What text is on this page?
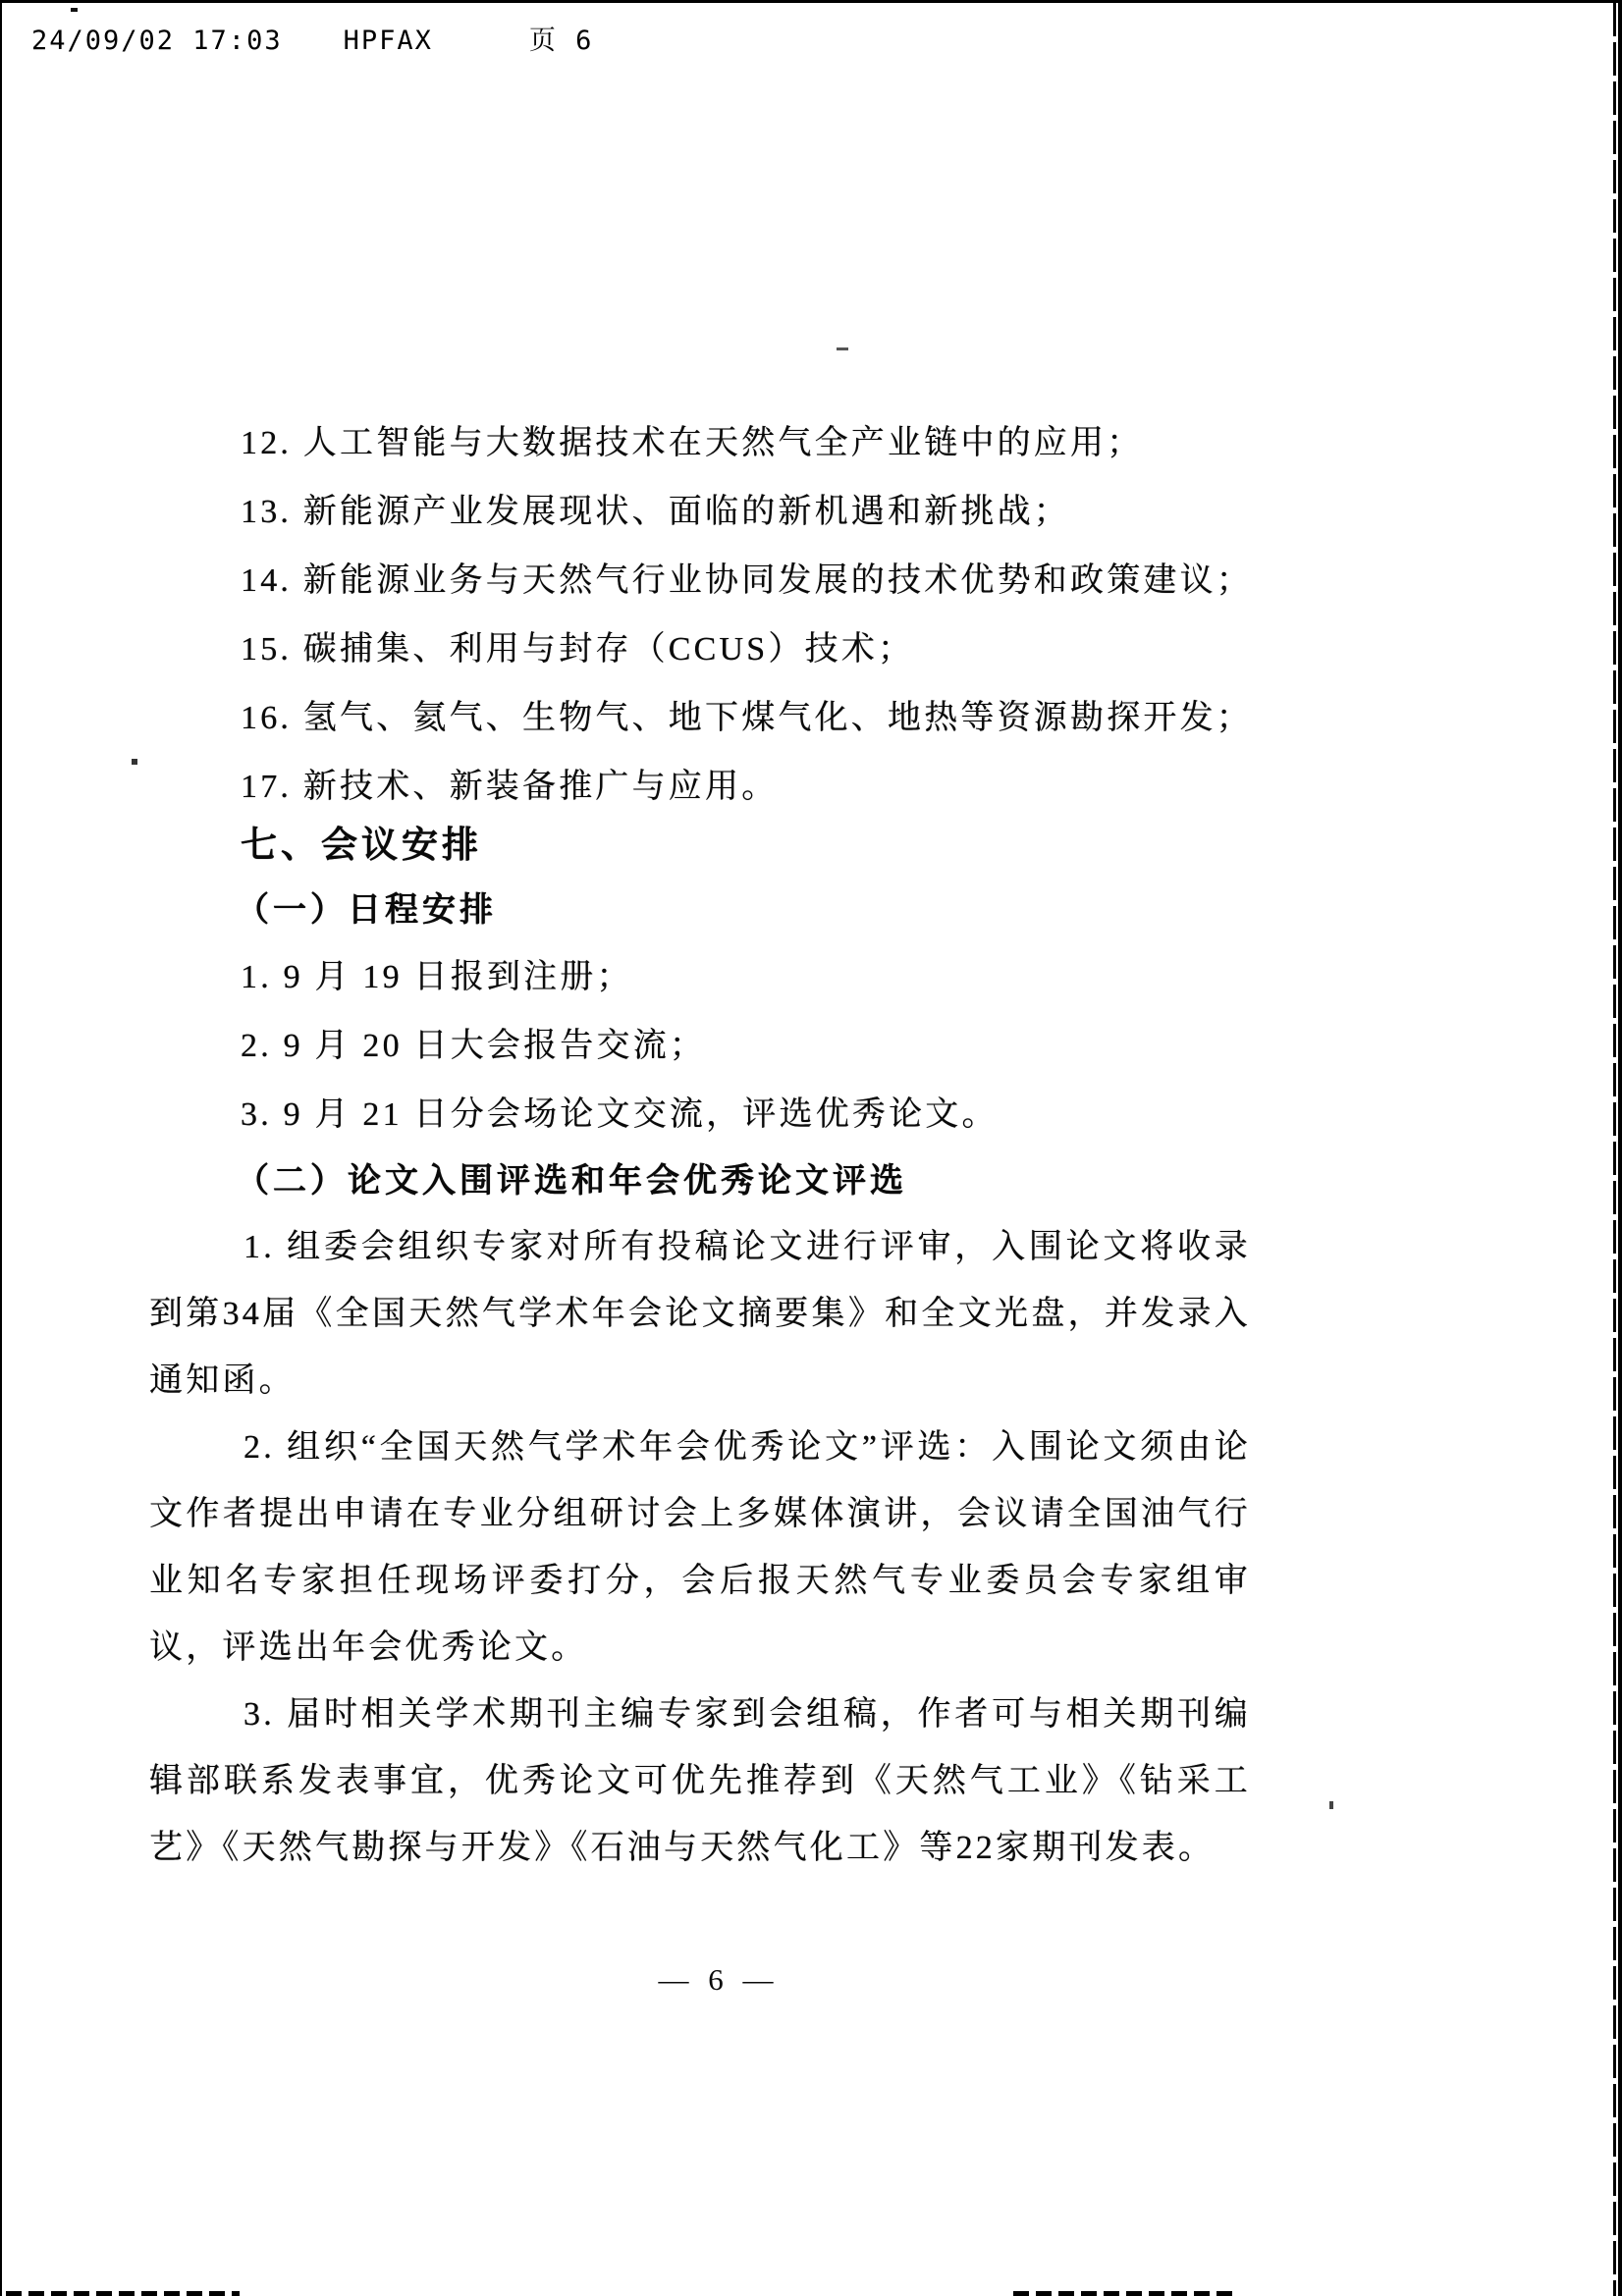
24/09/02 17:03 HPFAX	页 6
12. 人工智能与大数据技术在天然气全产业链中的应用；
13. 新能源产业发展现状、面临的新机遇和新挑战；
14. 新能源业务与天然气行业协同发展的技术优势和政策建议；
15. 碳捕集、利用与封存（CCUS）技术；
16. 氢气、氦气、生物气、地下煤气化、地热等资源勘探开发；
17. 新技术、新装备推广与应用。
七、会议安排
（一）日程安排
1. 9 月 19 日报到注册；
2. 9 月 20 日大会报告交流；
3. 9 月 21 日分会场论文交流，评选优秀论文。
（二）论文入围评选和年会优秀论文评选

1. 组委会组织专家对所有投稿论文进行评审，入围论文将收录到第34届《全国天然气学术年会论文摘要集》和全文光盘，并发录入通知函。

2. 组织“全国天然气学术年会优秀论文”评选：入围论文须由论文作者提出申请在专业分组研讨会上多媒体演讲，会议请全国油气行业知名专家担任现场评委打分，会后报天然气专业委员会专家组审议，评选出年会优秀论文。

3. 届时相关学术期刊主编专家到会组稿，作者可与相关期刊编辑部联系发表事宜，优秀论文可优先推荐到《天然气工业》《钻采工艺》《天然气勘探与开发》《石油与天然气化工》等22家期刊发表。

— 6 —
